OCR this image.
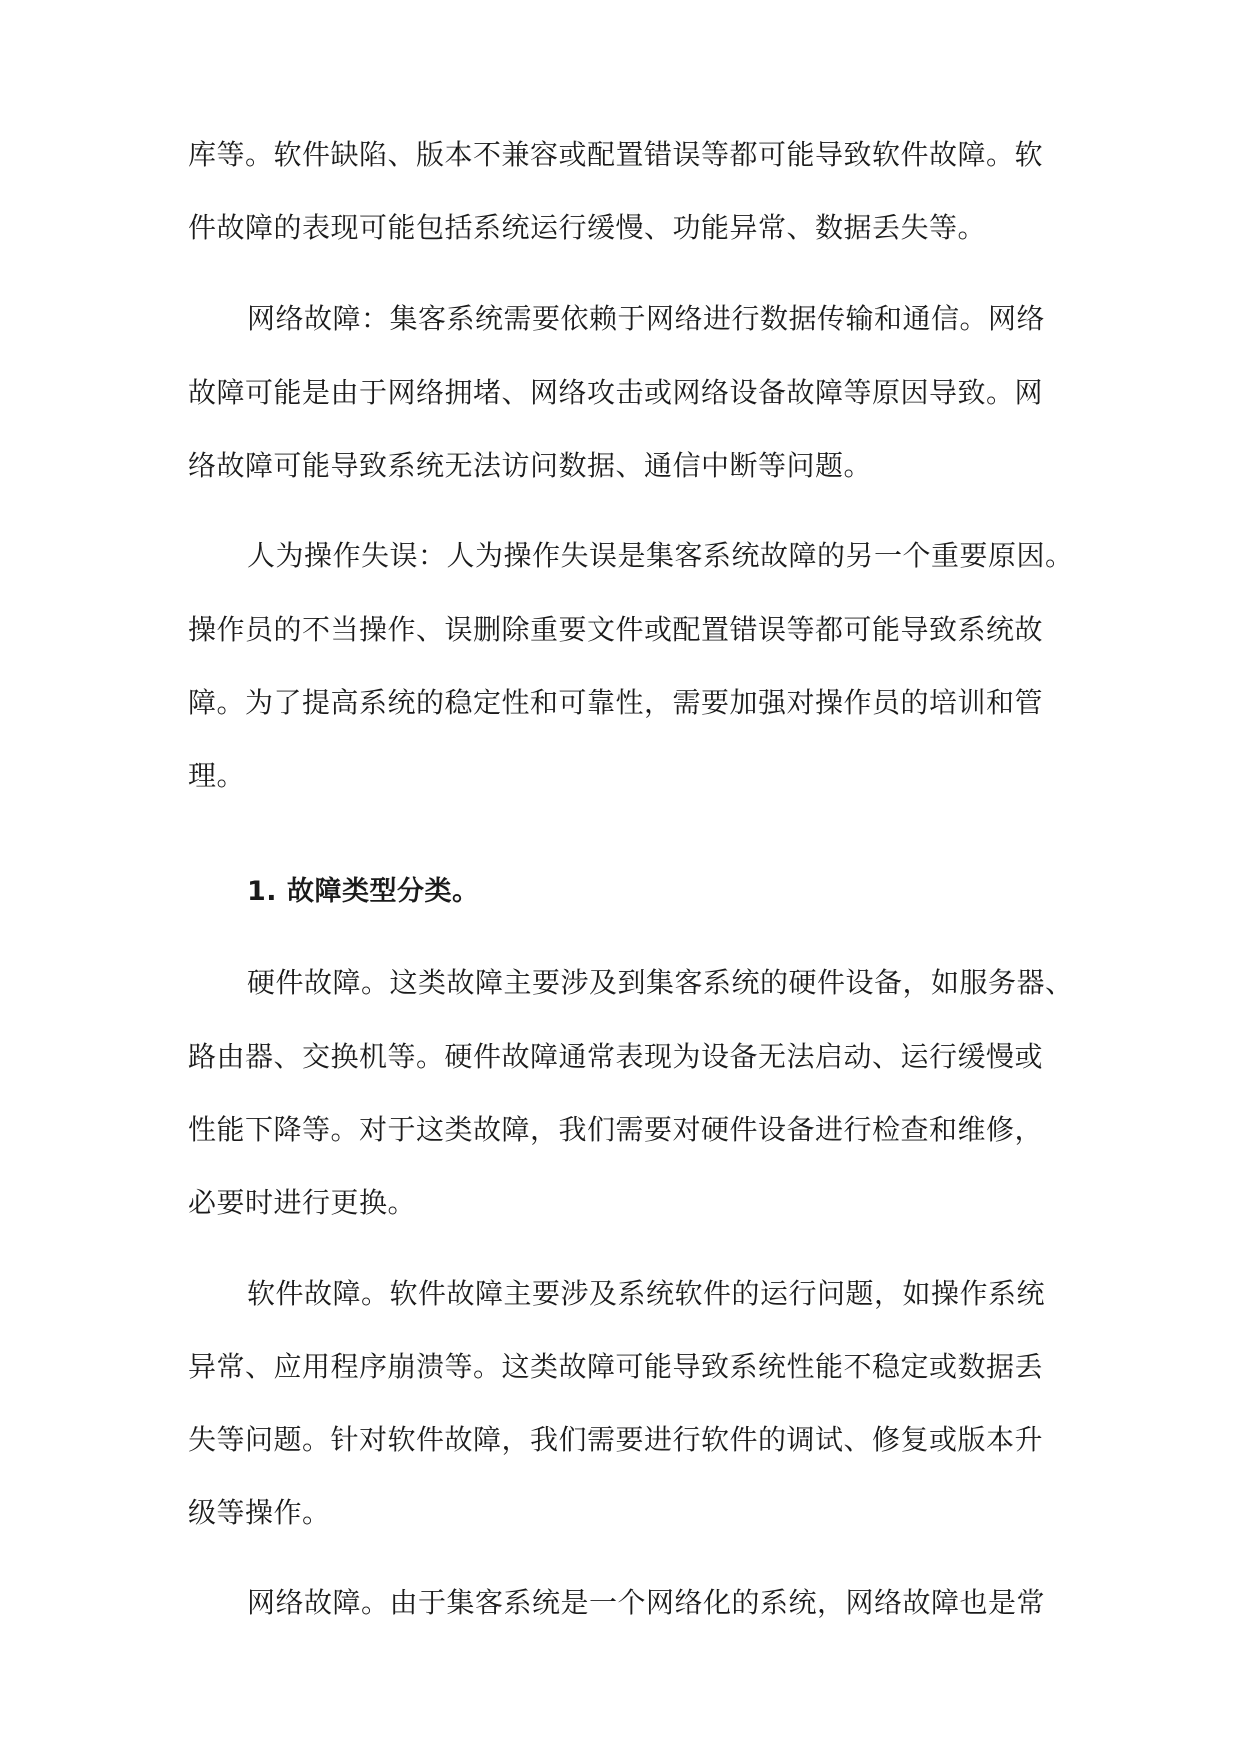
库等。软件缺陷、版本不兼容或配置错误等都可能导致软件故障。软
件故障的表现可能包括系统运行缓慢、功能异常、数据丢失等。
网络故障：集客系统需要依赖于网络进行数据传输和通信。网络
故障可能是由于网络拥堵、网络攻击或网络设备故障等原因导致。网
络故障可能导致系统无法访问数据、通信中断等问题。
人为操作失误：人为操作失误是集客系统故障的另一个重要原因。
操作员的不当操作、误删除重要文件或配置错误等都可能导致系统故
障。为了提高系统的稳定性和可靠性，需要加强对操作员的培训和管
理。
1. 故障类型分类。
硬件故障。这类故障主要涉及到集客系统的硬件设备，如服务器、
路由器、交换机等。硬件故障通常表现为设备无法启动、运行缓慢或
性能下降等。对于这类故障，我们需要对硬件设备进行检查和维修，
必要时进行更换。
软件故障。软件故障主要涉及系统软件的运行问题，如操作系统
异常、应用程序崩溃等。这类故障可能导致系统性能不稳定或数据丢
失等问题。针对软件故障，我们需要进行软件的调试、修复或版本升
级等操作。
网络故障。由于集客系统是一个网络化的系统，网络故障也是常
